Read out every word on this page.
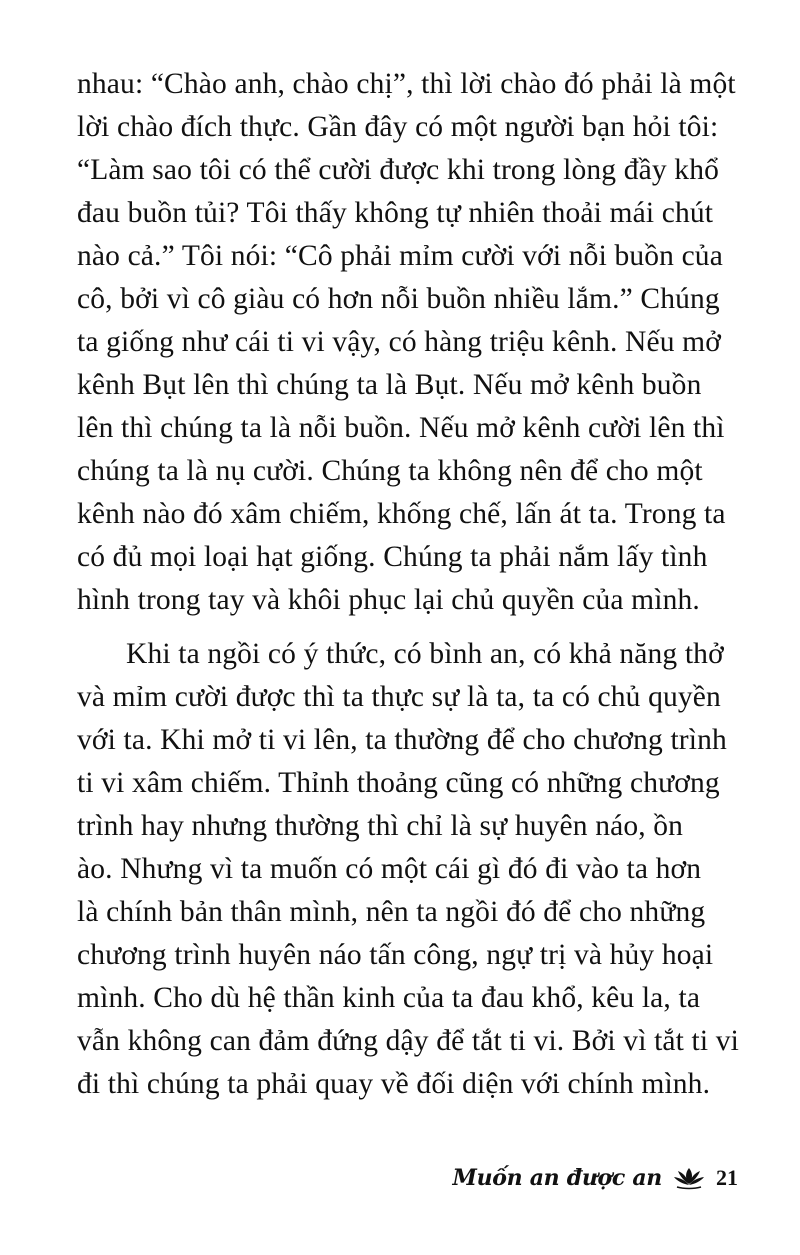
nhau: “Chào anh, chào chị”, thì lời chào đó phải là một
lời chào đích thực. Gần đây có một người bạn hỏi tôi:
“Làm sao tôi có thể cười được khi trong lòng đầy khổ
đau buồn tủi? Tôi thấy không tự nhiên thoải mái chút
nào cả.” Tôi nói: “Cô phải mỉm cười với nỗi buồn của
cô, bởi vì cô giàu có hơn nỗi buồn nhiều lắm.” Chúng
ta giống như cái ti vi vậy, có hàng triệu kênh. Nếu mở
kênh Bụt lên thì chúng ta là Bụt. Nếu mở kênh buồn
lên thì chúng ta là nỗi buồn. Nếu mở kênh cười lên thì
chúng ta là nụ cười. Chúng ta không nên để cho một
kênh nào đó xâm chiếm, khống chế, lấn át ta. Trong ta
có đủ mọi loại hạt giống. Chúng ta phải nắm lấy tình
hình trong tay và khôi phục lại chủ quyền của mình.
Khi ta ngồi có ý thức, có bình an, có khả năng thở
và mỉm cười được thì ta thực sự là ta, ta có chủ quyền
với ta. Khi mở ti vi lên, ta thường để cho chương trình
ti vi xâm chiếm. Thỉnh thoảng cũng có những chương
trình hay nhưng thường thì chỉ là sự huyên náo, ồn
ào. Nhưng vì ta muốn có một cái gì đó đi vào ta hơn
là chính bản thân mình, nên ta ngồi đó để cho những
chương trình huyên náo tấn công, ngự trị và hủy hoại
mình. Cho dù hệ thần kinh của ta đau khổ, kêu la, ta
vẫn không can đảm đứng dậy để tắt ti vi. Bởi vì tắt ti vi
đi thì chúng ta phải quay về đối diện với chính mình.
Muốn an được an 21
